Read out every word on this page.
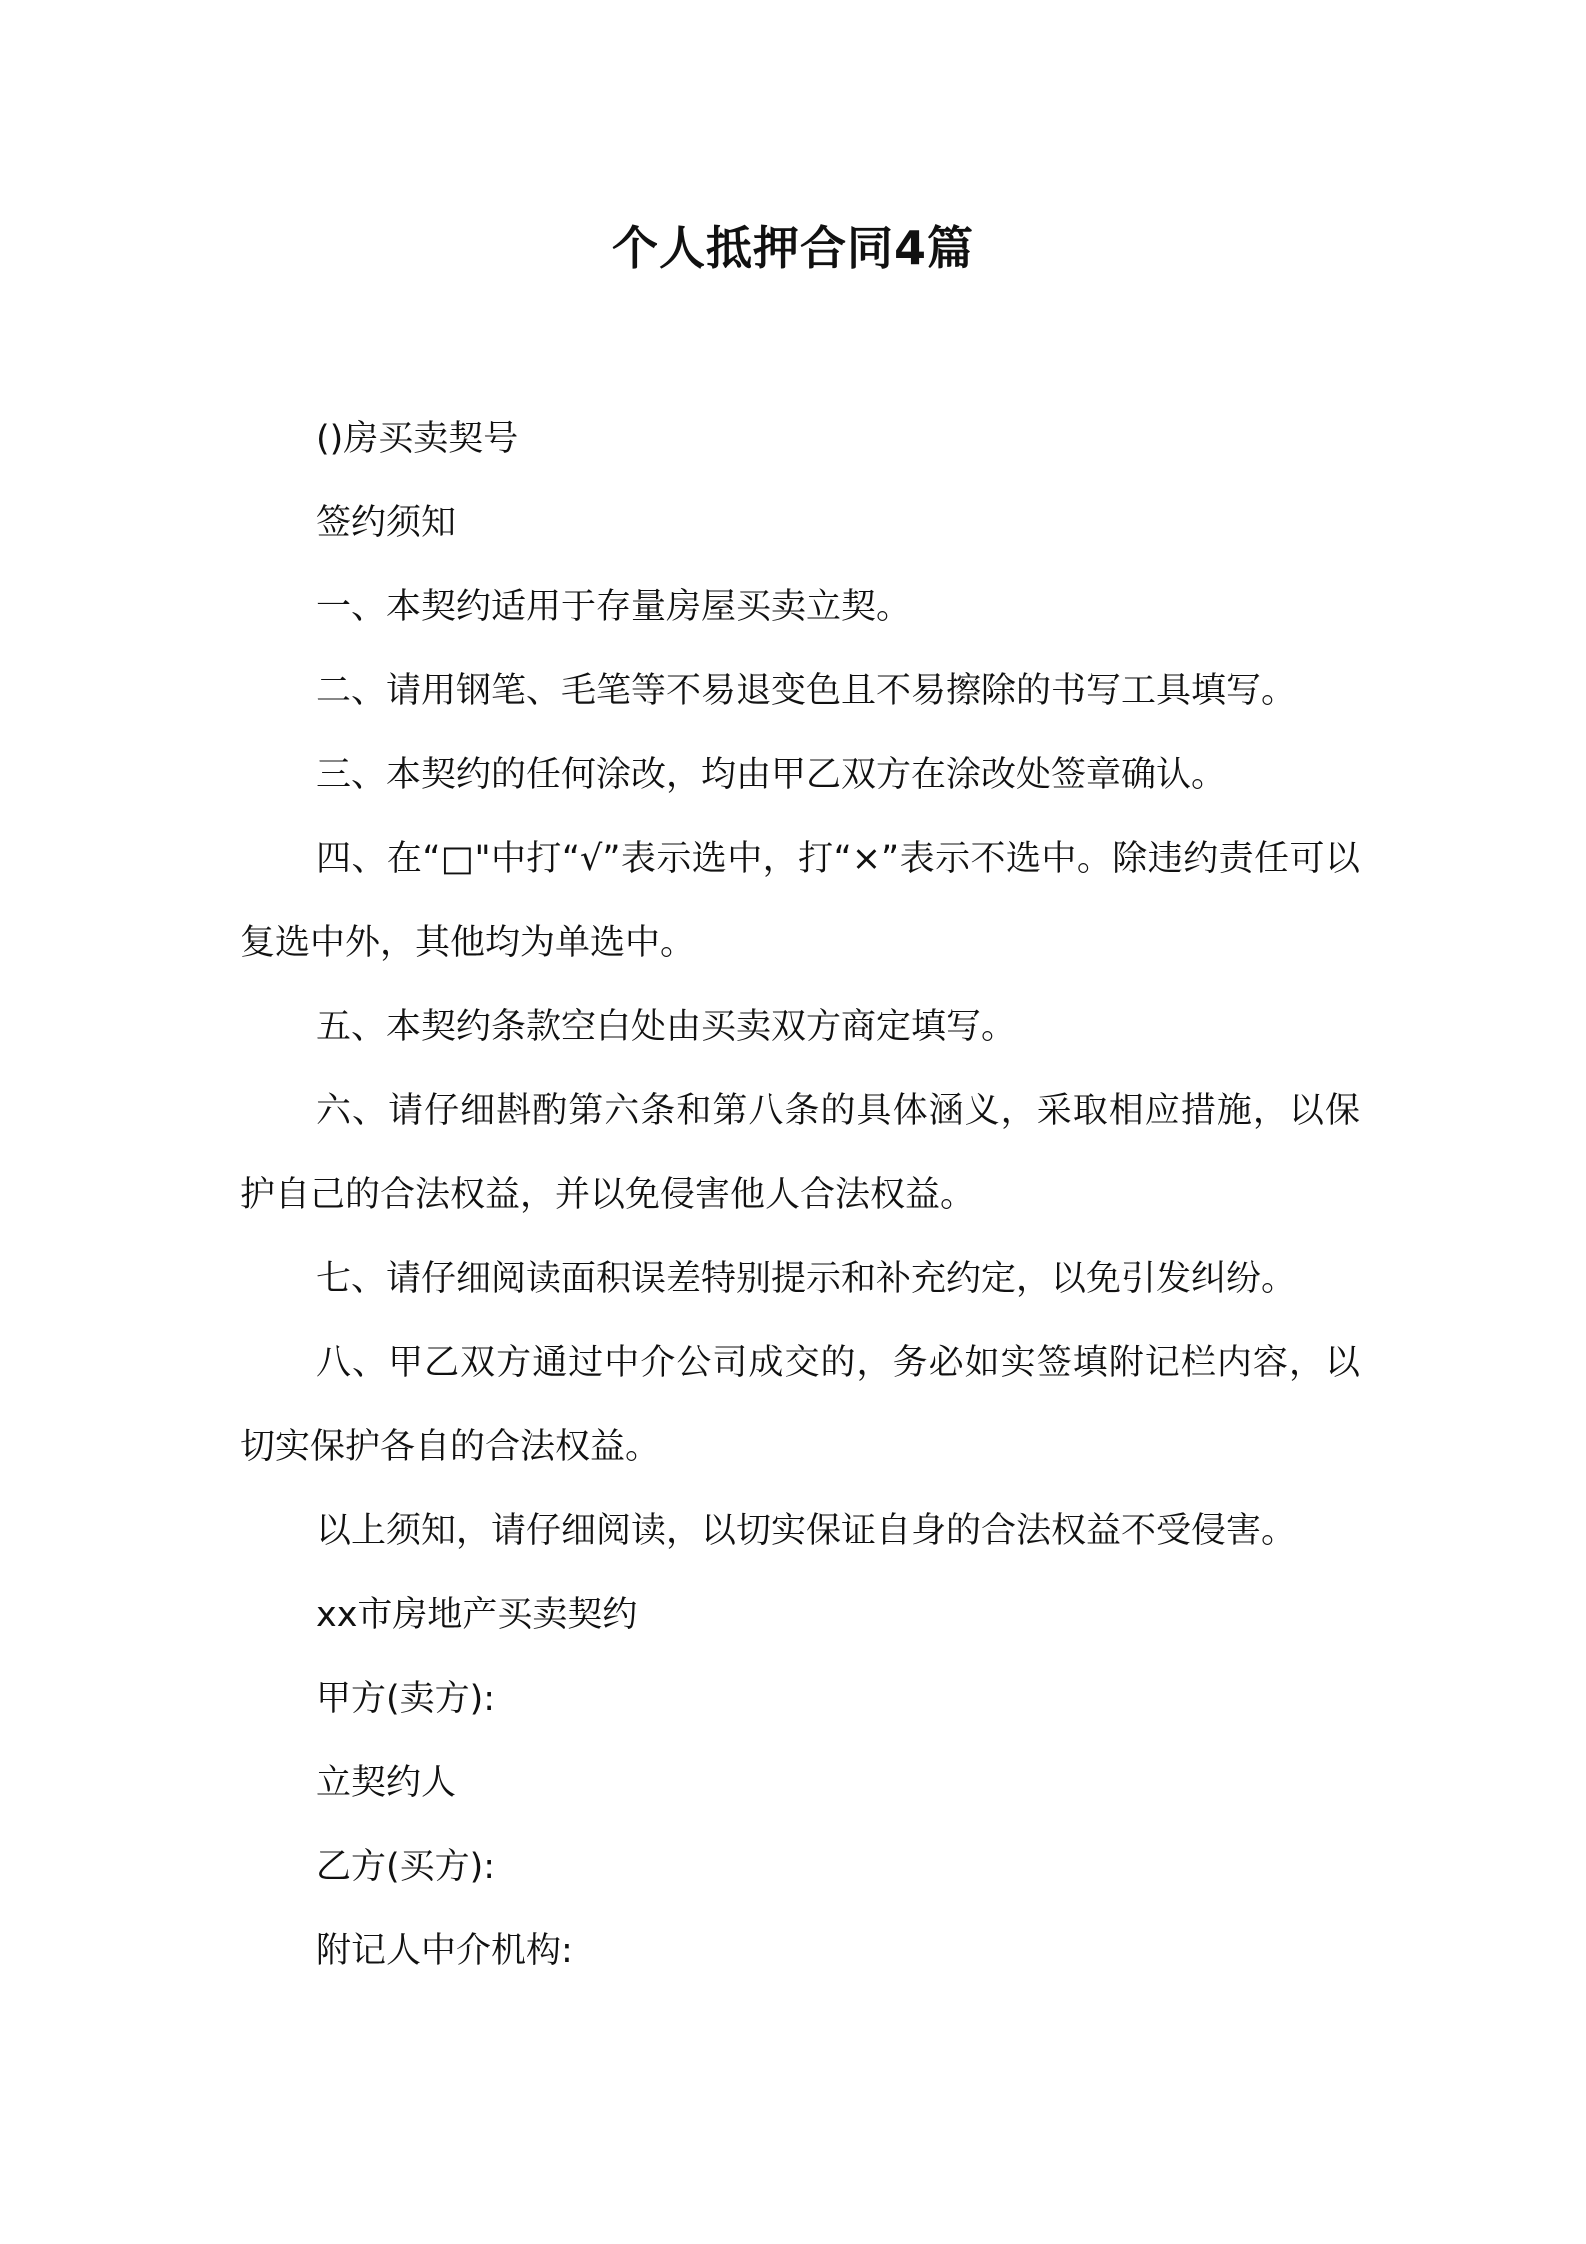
个人抵押合同4篇

()房买卖契号

签约须知

一、本契约适用于存量房屋买卖立契。

二、请用钢笔、毛笔等不易退变色且不易擦除的书写工具填写。

三、本契约的任何涂改，均由甲乙双方在涂改处签章确认。

四、在“□"中打“√”表示选中，打“×”表示不选中。除违约责任可以复选中外，其他均为单选中。

五、本契约条款空白处由买卖双方商定填写。

六、请仔细斟酌第六条和第八条的具体涵义，采取相应措施，以保护自己的合法权益，并以免侵害他人合法权益。

七、请仔细阅读面积误差特别提示和补充约定，以免引发纠纷。

八、甲乙双方通过中介公司成交的，务必如实签填附记栏内容，以切实保护各自的合法权益。

以上须知，请仔细阅读，以切实保证自身的合法权益不受侵害。

xx市房地产买卖契约

甲方(卖方):

立契约人

乙方(买方):

附记人中介机构:
